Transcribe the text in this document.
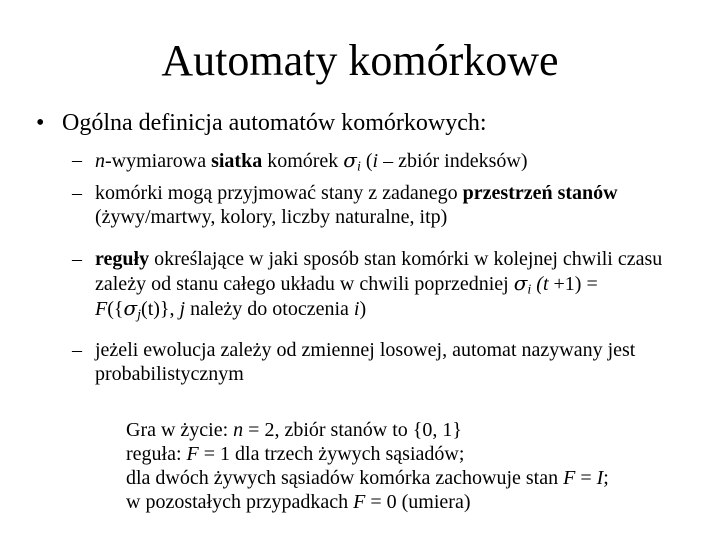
Automaty komórkowe
• Ogólna definicja automatów komórkowych:
– n-wymiarowa siatka komórek $\sigma_i$ (i – zbiór indeksów)
– komórki mogą przyjmować stany z zadanego przestrzeń stanów (żywy/martwy, kolory, liczby naturalne, itp)
– reguły określające w jaki sposób stan komórki w kolejnej chwili czasu zależy od stanu całego układu w chwili poprzedniej $\sigma_i$ $(t +1) = F(\{\sigma_j(t)\}$, j należy do otoczenia i)
– jeżeli ewolucja zależy od zmiennej losowej, automat nazywany jest probabilistycznym
Gra w życie: n = 2, zbiór stanów to {0, 1}
reguła: F = 1 dla trzech żywych sąsiadów;
dla dwóch żywych sąsiadów komórka zachowuje stan F = I;
w pozostałych przypadkach F = 0 (umiera)
